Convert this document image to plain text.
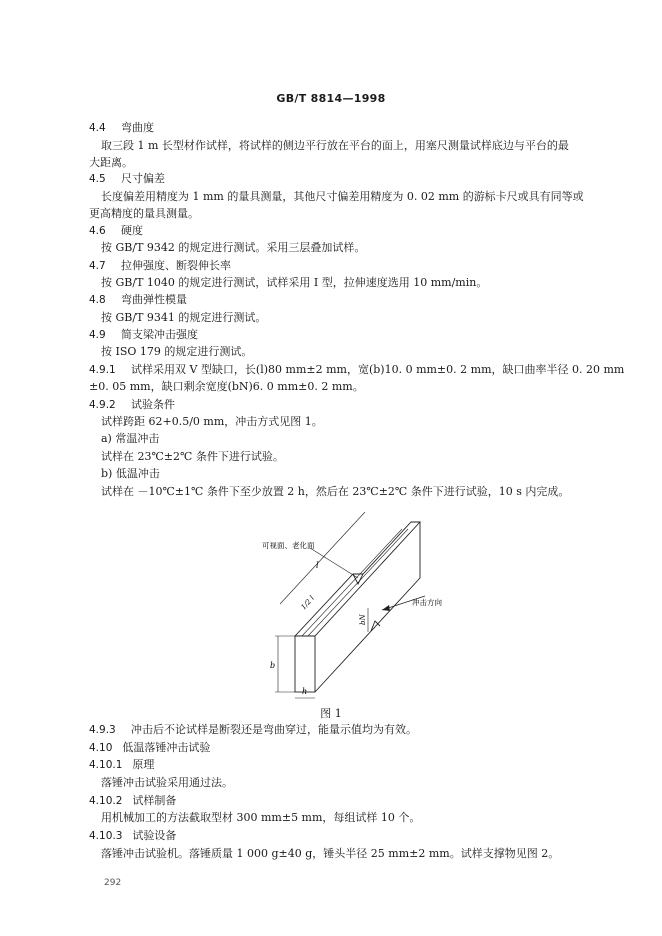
GB/T 8814—1998
4.4 弯曲度
取三段 1 m 长型材作试样，将试样的侧边平行放在平台的面上，用塞尺测量试样底边与平台的最
大距离。
4.5 尺寸偏差
长度偏差用精度为 1 mm 的量具测量，其他尺寸偏差用精度为 0. 02 mm 的游标卡尺或具有同等或
更高精度的量具测量。
4.6 硬度
按 GB/T 9342 的规定进行测试。采用三层叠加试样。
4.7 拉伸强度、断裂伸长率
按 GB/T 1040 的规定进行测试，试样采用 I 型，拉伸速度选用 10 mm/min。
4.8 弯曲弹性模量
按 GB/T 9341 的规定进行测试。
4.9 简支梁冲击强度
按 ISO 179 的规定进行测试。
4.9.1 试样采用双 V 型缺口，长(l)80 mm±2 mm，宽(b)10. 0 mm±0. 2 mm，缺口曲率半径 0. 20 mm
±0. 05 mm，缺口剩余宽度(bN)6. 0 mm±0. 2 mm。
4.9.2 试验条件
试样跨距 62+0.5/0 mm，冲击方式见图 1。
a) 常温冲击
试样在 23℃±2℃ 条件下进行试验。
b) 低温冲击
试样在 －10℃±1℃ 条件下至少放置 2 h，然后在 23℃±2℃ 条件下进行试验，10 s 内完成。
可视面、老化面
l
1/2 l
bN
b
h
冲击方向
图 1
4.9.3 冲击后不论试样是断裂还是弯曲穿过，能量示值均为有效。
4.10 低温落锤冲击试验
4.10.1 原理
落锤冲击试验采用通过法。
4.10.2 试样制备
用机械加工的方法截取型材 300 mm±5 mm，每组试样 10 个。
4.10.3 试验设备
落锤冲击试验机。落锤质量 1 000 g±40 g，锤头半径 25 mm±2 mm。试样支撑物见图 2。
292
